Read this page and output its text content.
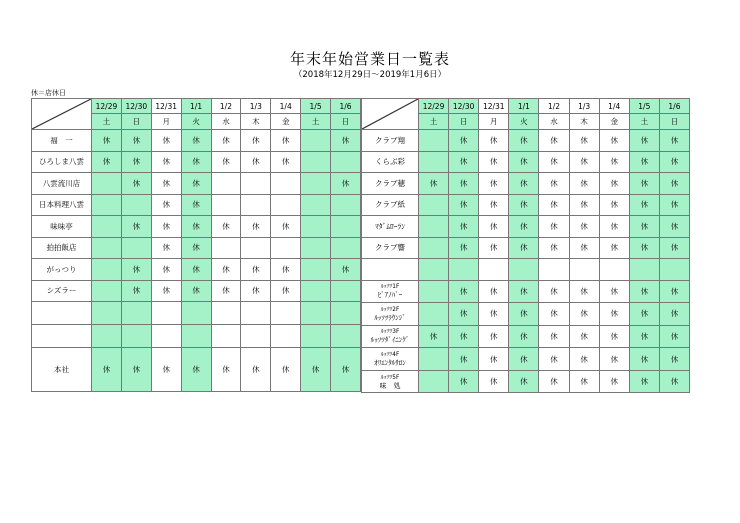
年末年始営業日一覧表
（2018年12月29日～2019年1月6日）
休＝店休日
	12/29	12/30	12/31	1/1	1/2	1/3	1/4	1/5	1/6
	土	日	月	火	水	木	金	土	日
福　一	休	休	休	休	休	休	休		休
ひろしま八雲	休	休	休	休	休	休	休		
八雲流川店		休	休	休					休
日本料理八雲			休	休					
味味亭		休	休	休	休	休	休		
拍拍飯店			休	休					
がっつり		休	休	休	休	休	休		休
シズラー		休	休	休	休	休	休		

本社	休	休	休	休	休	休	休	休	休
	12/29	12/30	12/31	1/1	1/2	1/3	1/4	1/5	1/6
	土	日	月	火	水	木	金	土	日
クラブ翔		休	休	休	休	休	休	休	休
くらぶ彩		休	休	休	休	休	休	休	休
クラブ穂	休	休	休	休	休	休	休	休	休
クラブ紙		休	休	休	休	休	休	休	休
ﾏﾀﾞﾑﾛｰﾗﾝ		休	休	休	休	休	休	休	休
クラブ響		休	休	休	休	休	休	休	休

ﾙｯｿﾂ1F
ﾋﾟｱﾉﾊﾞｰ		休	休	休	休	休	休	休	休

ﾙｯｿﾂ2F
ﾙｯｿﾂﾗｳﾝｼﾞ		休	休	休	休	休	休	休	休

ﾙｯｿﾂ3F
ﾙｯｿﾂﾀﾞｲﾆﾝｸﾞ	休	休	休	休	休	休	休	休	休

ﾙｯｿﾂ4F
ｵﾘｴﾝﾀﾙｻﾛﾝ		休	休	休	休	休	休	休	休

ﾙｯｿﾂ5F
味　処		休	休	休	休	休	休	休	休
